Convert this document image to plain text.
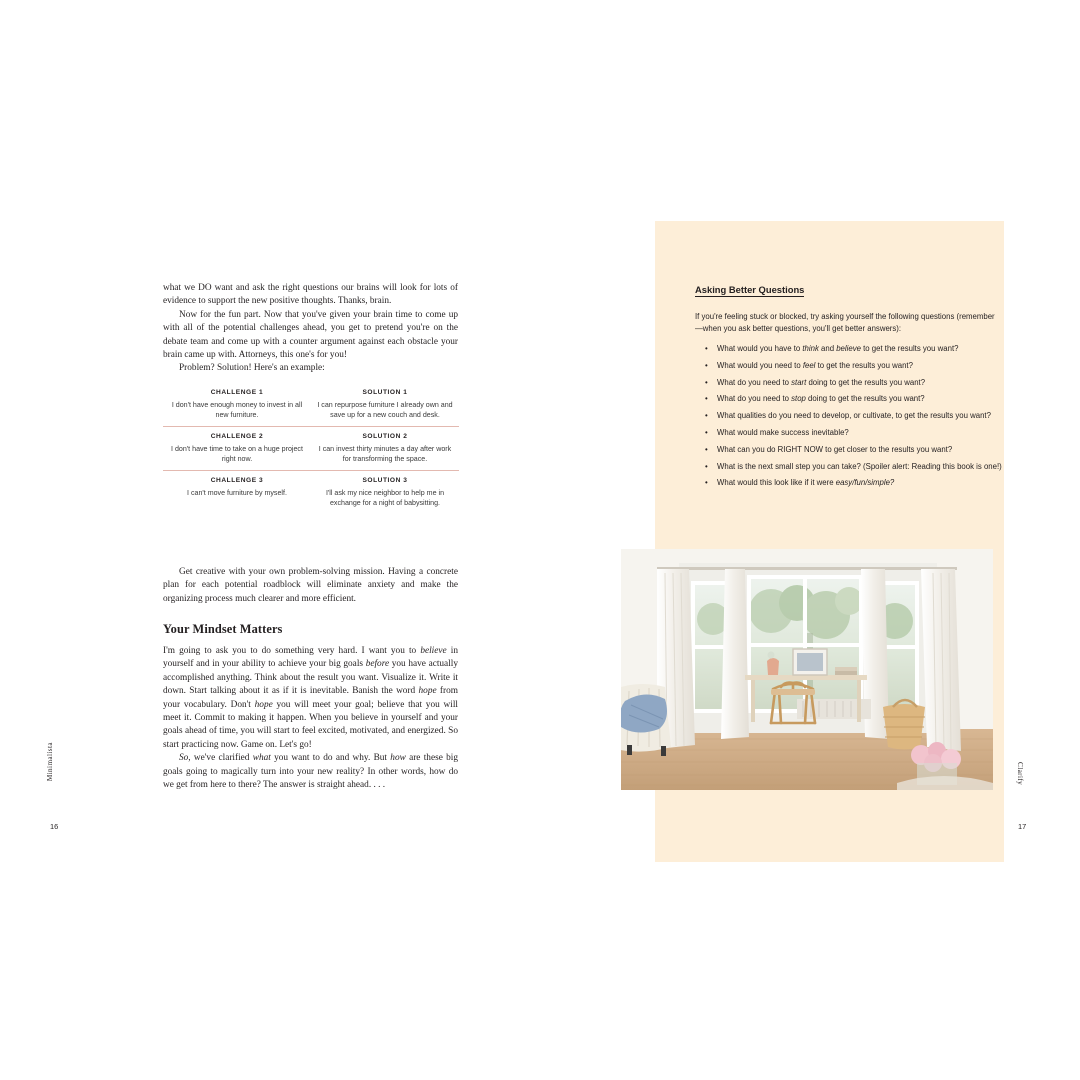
what we DO want and ask the right questions our brains will look for lots of evidence to support the new positive thoughts. Thanks, brain.

Now for the fun part. Now that you've given your brain time to come up with all of the potential challenges ahead, you get to pretend you're on the debate team and come up with a counter argument against each obstacle your brain came up with. Attorneys, this one's for you!

Problem? Solution! Here's an example:

CHALLENGE 1
I don't have enough money to invest in all new furniture.
SOLUTION 1
I can repurpose furniture I already own and save up for a new couch and desk.
CHALLENGE 2
I don't have time to take on a huge project right now.
SOLUTION 2
I can invest thirty minutes a day after work for transforming the space.
CHALLENGE 3
I can't move furniture by myself.
SOLUTION 3
I'll ask my nice neighbor to help me in exchange for a night of babysitting.

Get creative with your own problem-solving mission. Having a concrete plan for each potential roadblock will eliminate anxiety and make the organizing process much clearer and more efficient.

Your Mindset Matters

I'm going to ask you to do something very hard. I want you to believe in yourself and in your ability to achieve your big goals before you have actually accomplished anything. Think about the result you want. Visualize it. Write it down. Start talking about it as if it is inevitable. Banish the word hope from your vocabulary. Don't hope you will meet your goal; believe that you will meet it. Commit to making it happen. When you believe in yourself and your goals ahead of time, you will start to feel excited, motivated, and energized. So start practicing now. Game on. Let's go!

So, we've clarified what you want to do and why. But how are these big goals going to magically turn into your new reality? In other words, how do we get from here to there? The answer is straight ahead. . . .

Minimalista
16
Asking Better Questions
If you're feeling stuck or blocked, try asking yourself the following questions (remember—when you ask better questions, you'll get better answers):
• What would you have to think and believe to get the results you want?
• What would you need to feel to get the results you want?
• What do you need to start doing to get the results you want?
• What do you need to stop doing to get the results you want?
• What qualities do you need to develop, or cultivate, to get the results you want?
• What would make success inevitable?
• What can you do RIGHT NOW to get closer to the results you want?
• What is the next small step you can take? (Spoiler alert: Reading this book is one!)
• What would this look like if it were easy/fun/simple?
Clarify
17
